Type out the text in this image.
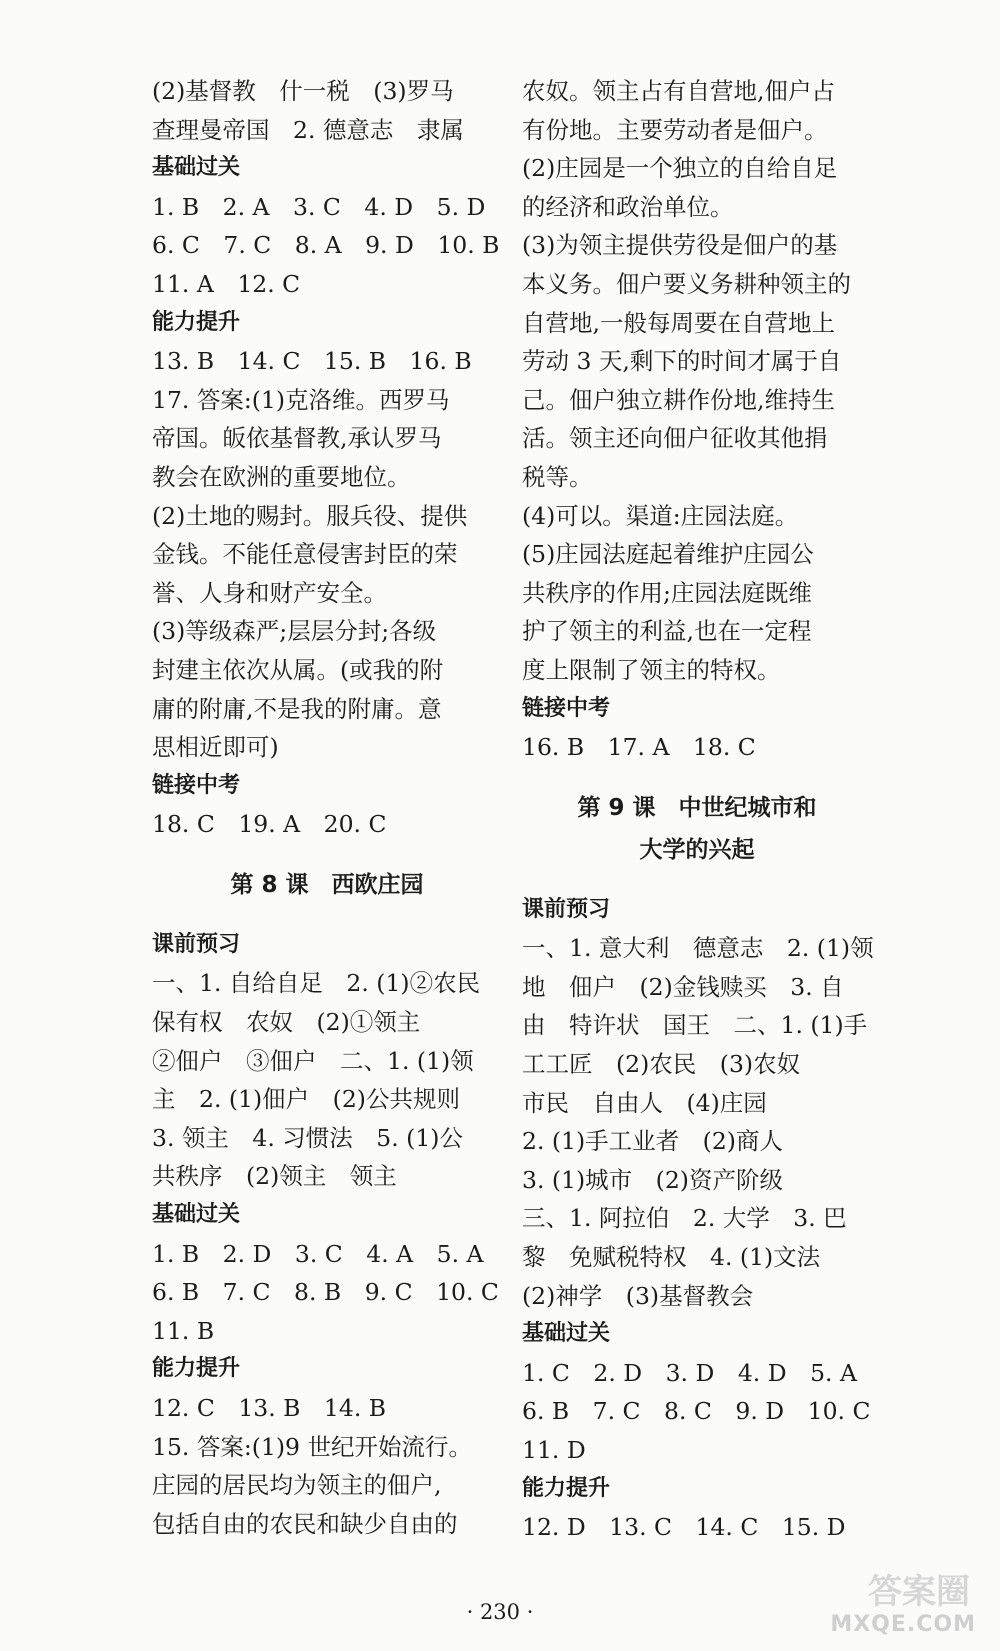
(2)基督教　什一税　(3)罗马
查理曼帝国　2. 德意志　隶属
基础过关
1. B　2. A　3. C　4. D　5. D
6. C　7. C　8. A　9. D　10. B
11. A　12. C
能力提升
13. B　14. C　15. B　16. B
17. 答案:(1)克洛维。西罗马
帝国。皈依基督教,承认罗马
教会在欧洲的重要地位。
(2)土地的赐封。服兵役、提供
金钱。不能任意侵害封臣的荣
誉、人身和财产安全。
(3)等级森严;层层分封;各级
封建主依次从属。(或我的附
庸的附庸,不是我的附庸。意
思相近即可)
链接中考
18. C　19. A　20. C
第 8 课　西欧庄园
课前预习
一、1. 自给自足　2. (1)②农民
保有权　农奴　(2)①领主
②佃户　③佃户　二、1. (1)领
主　2. (1)佃户　(2)公共规则
3. 领主　4. 习惯法　5. (1)公
共秩序　(2)领主　领主
基础过关
1. B　2. D　3. C　4. A　5. A
6. B　7. C　8. B　9. C　10. C
11. B
能力提升
12. C　13. B　14. B
15. 答案:(1)9 世纪开始流行。
庄园的居民均为领主的佃户,
包括自由的农民和缺少自由的
农奴。领主占有自营地,佃户占
有份地。主要劳动者是佃户。
(2)庄园是一个独立的自给自足
的经济和政治单位。
(3)为领主提供劳役是佃户的基
本义务。佃户要义务耕种领主的
自营地,一般每周要在自营地上
劳动 3 天,剩下的时间才属于自
己。佃户独立耕作份地,维持生
活。领主还向佃户征收其他捐
税等。
(4)可以。渠道:庄园法庭。
(5)庄园法庭起着维护庄园公
共秩序的作用;庄园法庭既维
护了领主的利益,也在一定程
度上限制了领主的特权。
链接中考
16. B　17. A　18. C
第 9 课　中世纪城市和
大学的兴起
课前预习
一、1. 意大利　德意志　2. (1)领
地　佃户　(2)金钱赎买　3. 自
由　特许状　国王　二、1. (1)手
工工匠　(2)农民　(3)农奴
市民　自由人　(4)庄园
2. (1)手工业者　(2)商人
3. (1)城市　(2)资产阶级
三、1. 阿拉伯　2. 大学　3. 巴
黎　免赋税特权　4. (1)文法
(2)神学　(3)基督教会
基础过关
1. C　2. D　3. D　4. D　5. A
6. B　7. C　8. C　9. D　10. C
11. D
能力提升
12. D　13. C　14. C　15. D
· 230 ·	答案圈
MXQE.COM
